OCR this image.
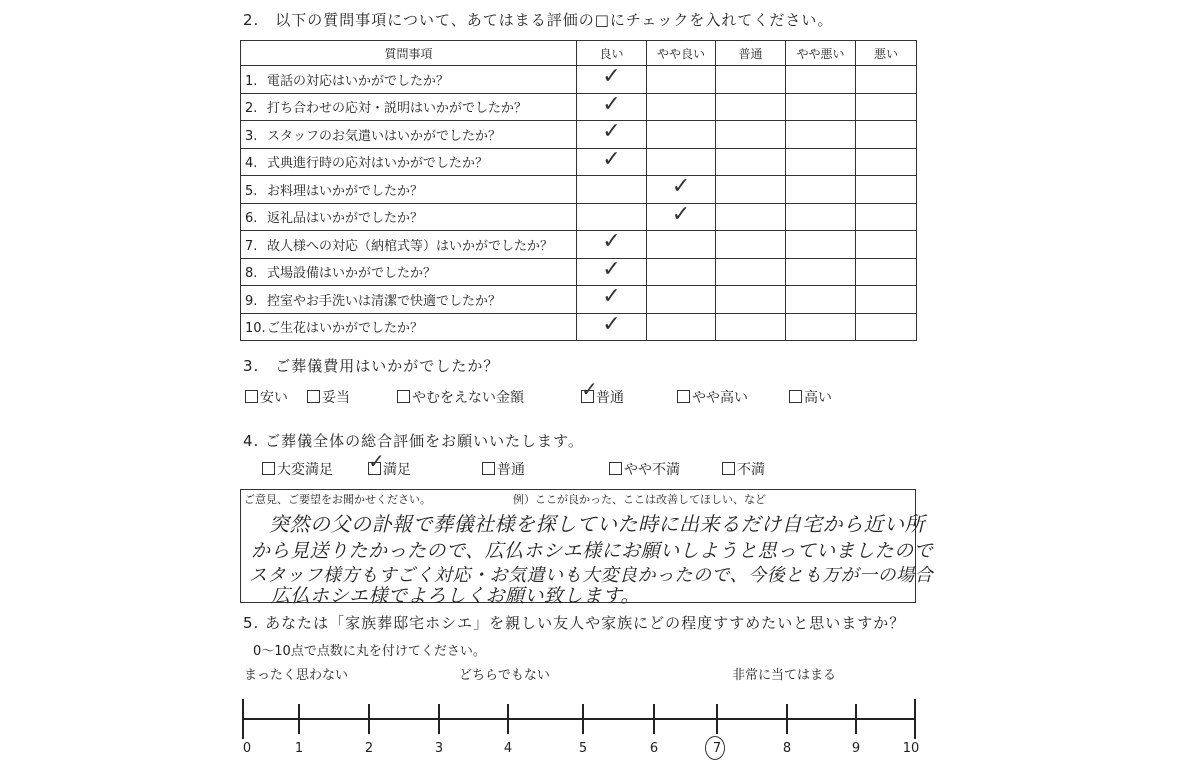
2.　以下の質問事項について、あてはまる評価の□にチェックを入れてください。
質問事項	良い	やや良い	普通	やや悪い	悪い
1. 電話の対応はいかがでしたか？	✓				
2. 打ち合わせの応対・説明はいかがでしたか？	✓				
3. スタッフのお気遣いはいかがでしたか？	✓				
4. 式典進行時の応対はいかがでしたか？	✓				
5. お料理はいかがでしたか？		✓			
6. 返礼品はいかがでしたか？		✓			
7. 故人様への対応（納棺式等）はいかがでしたか？	✓				
8. 式場設備はいかがでしたか？	✓				
9. 控室やお手洗いは清潔で快適でしたか？	✓				
10.ご生花はいかがでしたか？	✓				
3.　ご葬儀費用はいかがでしたか？
安い	妥当	やむをえない金額 ✓	普通	やや高い	高い
4. ご葬儀全体の総合評価をお願いいたします。
大変満足 ✓	満足	普通	やや不満	不満
ご意見、ご要望をお聞かせください。	例）ここが良かった、ここは改善してほしい、など
突然の父の訃報で葬儀社様を探していた時に出来るだけ自宅から近い所
から見送りたかったので、広仏ホシエ様にお願いしようと思っていましたので
スタッフ様方もすごく対応・お気遣いも大変良かったので、今後とも万が一の場合
広仏ホシエ様でよろしくお願い致します。
5. あなたは「家族葬邸宅ホシエ」を親しい友人や家族にどの程度すすめたいと思いますか？
0〜10点で点数に丸を付けてください。
まったく思わない	どちらでもない	非常に当てはまる
0	1	2	3	4	5	6	7	8	9	10
